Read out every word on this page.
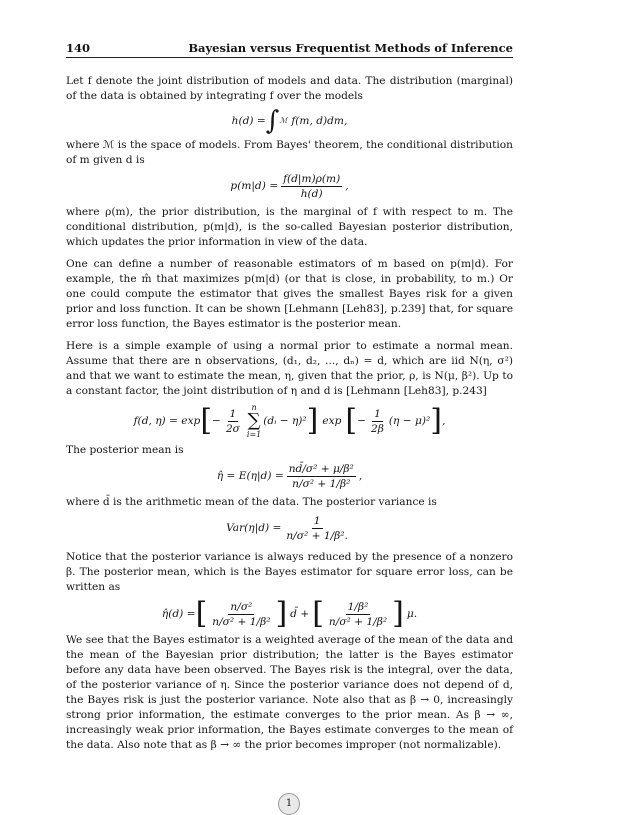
140	Bayesian versus Frequentist Methods of Inference

Let f denote the joint distribution of models and data. The distribution (marginal) of the data is obtained by integrating f over the models

h(d) = ∫ ℳ f(m, d)dm,

where ℳ is the space of models. From Bayes' theorem, the conditional distribution of m given d is

$p(m|d) = \frac{f(d|m)\rho(m)}{h(d)}$ ,

where ρ(m), the prior distribution, is the marginal of f with respect to m. The conditional distribution, p(m|d), is the so-called Bayesian posterior distribution, which updates the prior information in view of the data.

One can define a number of reasonable estimators of m based on p(m|d). For example, the m̂ that maximizes p(m|d) (or that is close, in probability, to m.) Or one could compute the estimator that gives the smallest Bayes risk for a given prior and loss function. It can be shown [Lehmann [Leh83], p.239] that, for square error loss function, the Bayes estimator is the posterior mean.

Here is a simple example of using a normal prior to estimate a normal mean. Assume that there are n observations, (d₁, d₂, ..., dₙ) = d, which are iid N(η, σ²) and that we want to estimate the mean, η, given that the prior, ρ, is N(μ, β²). Up to a constant factor, the joint distribution of η and d is [Lehmann [Leh83], p.243]

f(d, η) = exp [ − $\frac{1}{2\sigma}$ n
∑
i=1
(dᵢ − η)² ] exp [ − $\frac{1}{2\beta} (\eta - \mu)^2$ ] ,

The posterior mean is

η̂ = $E(\eta|d) = \frac{\text{nd̄/σ² + μ/β²}}{\text{n/σ² + 1/β²}}$ ,

where d̄ is the arithmetic mean of the data. The posterior variance is

$Var(\eta|d) = \frac{1}{\text{n/σ² + 1/β².}}$

Notice that the posterior variance is always reduced by the presence of a nonzero β. The posterior mean, which is the Bayes estimator for square error loss, can be written as

η̂(d) = [ $\frac{\text{n/σ²}}{\text{n/σ² + 1/β²}}$ ] d̄ + [ $\frac{\text{1/β²}}{\text{n/σ² + 1/β²}}$ ] μ.

We see that the Bayes estimator is a weighted average of the mean of the data and the mean of the Bayesian prior distribution; the latter is the Bayes estimator before any data have been observed. The Bayes risk is the integral, over the data, of the posterior variance of η. Since the posterior variance does not depend of d, the Bayes risk is just the posterior variance. Note also that as β → 0, increasingly strong prior information, the estimate converges to the prior mean. As β → ∞, increasingly weak prior information, the Bayes estimate converges to the mean of the data. Also note that as β → ∞ the prior becomes improper (not normalizable).

1
